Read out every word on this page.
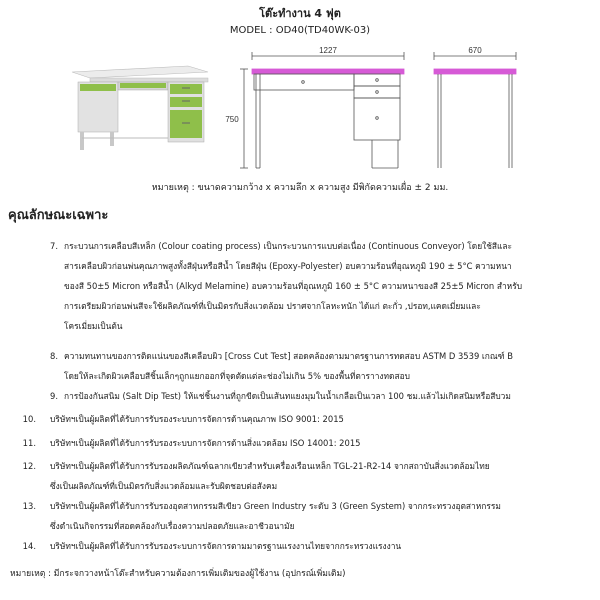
โต๊ะทำงาน 4 ฟุต
MODEL : OD40(TD40WK-03)
1227
750
670
หมายเหตุ : ขนาดความกว้าง x ความลึก x ความสูง มีพิกัดความเผื่อ ± 2 มม.
คุณลักษณะเฉพาะ
7. กระบวนการเคลือบสีเหล็ก (Colour coating process) เป็นกระบวนการแบบต่อเนื่อง (Continuous Conveyor) โดยใช้สีและ
สารเคลือบผิวก่อนพ่นคุณภาพสูงทั้งสีฝุ่นหรือสีน้ำ โดยสีฝุ่น (Epoxy-Polyester) อบความร้อนที่อุณหภูมิ 190 ± 5°C ความหนา
ของสี 50±5 Micron หรือสีน้ำ (Alkyd Melamine) อบความร้อนที่อุณหภูมิ 160 ± 5°C ความหนาของสี 25±5 Micron สำหรับ
การเตรียมผิวก่อนพ่นสีจะใช้ผลิตภัณฑ์ที่เป็นมิตรกับสิ่งแวดล้อม ปราศจากโลหะหนัก ได้แก่ ตะกั่ว ,ปรอท,แคดเมี่ยมและ
โครเมี่ยมเป็นต้น
8. ความทนทานของการติดแน่นของสีเคลือบผิว [Cross Cut Test] สอดคล้องตามมาตรฐานการทดสอบ ASTM D 3539 เกณฑ์ B
โดยให้ละเกิดผิวเคลือบสีชิ้นเล็กๆถูกแยกออกที่จุดตัดแต่ละช่องไม่เกิน 5% ของพื้นที่ตาราางทดสอบ
9. การป้องกันสนิม (Salt Dip Test) ให้แช่ชิ้นงานที่ถูกขีดเป็นเส้นทแยงมุมในน้ำเกลือเป็นเวลา 100 ชม.แล้วไม่เกิดสนิมหรือสีบวม
10. บริษัทฯเป็นผู้ผลิตที่ได้รับการรับรองระบบการจัดการด้านคุณภาพ ISO 9001: 2015
11. บริษัทฯเป็นผู้ผลิตที่ได้รับการรับรองระบบการจัดการด้านสิ่งแวดล้อม ISO 14001: 2015
12. บริษัทฯเป็นผู้ผลิตที่ได้รับการรับรองผลิตภัณฑ์ฉลากเขียวสำหรับเครื่องเรือนเหล็ก TGL-21-R2-14 จากสถาบันสิ่งแวดล้อมไทย
ซึ่งเป็นผลิตภัณฑ์ที่เป็นมิตรกับสิ่งแวดล้อมและรับผิดชอบต่อสังคม
13. บริษัทฯเป็นผู้ผลิตที่ได้รับการรับรองอุตสาหกรรมสีเขียว Green Industry ระดับ 3 (Green System) จากกระทรวงอุตสาหกรรม
ซึ่งดำเนินกิจกรรมที่สอดคล้องกับเรื่องความปลอดภัยและอาชีวอนามัย
14. บริษัทฯเป็นผู้ผลิตที่ได้รับการรับรองระบบการจัดการตามมาตรฐานแรงงานไทยจากกระทรวงแรงงาน
หมายเหตุ : มีกระจกวางหน้าโต๊ะสำหรับความต้องการเพิ่มเติมของผู้ใช้งาน (อุปกรณ์เพิ่มเติม)
